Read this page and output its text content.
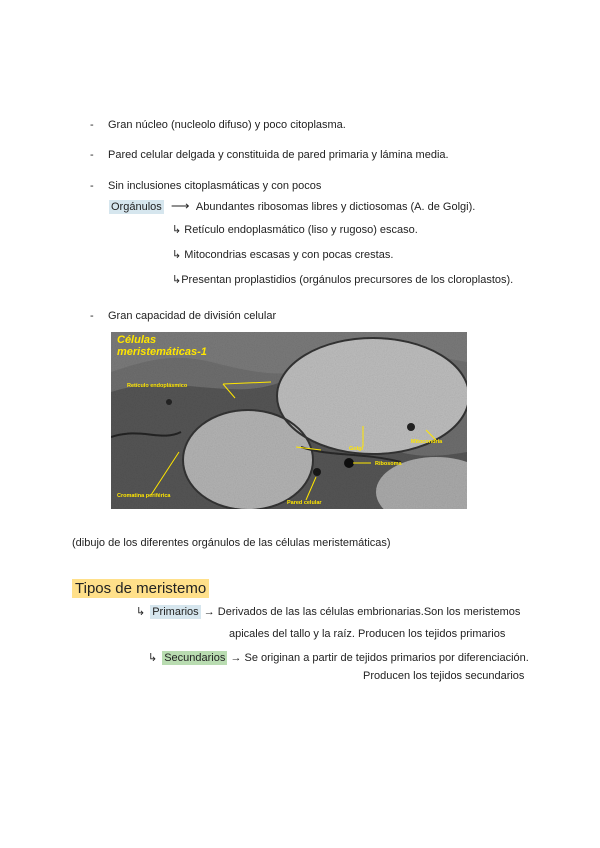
- Gran núcleo (nucleolo difuso) y poco citoplasma.
- Pared celular delgada y constituida de pared primaria y lámina media.
- Sin inclusiones citoplasmáticas y con pocos
Orgánulos ⟶ Abundantes ribosomas libres y dictiosomas (A. de Golgi).
↳ Retículo endoplasmático (liso y rugoso) escaso.
↳ Mitocondrias escasas y con pocas crestas.
↳Presentan proplastidios (orgánulos precursores de los cloroplastos).
- Gran capacidad de división celular
Células
meristemáticas-1
Retículo endoplásmico
Golgi
Mitocondria
Ribosoma
Cromatina periférica
Pared celular
(dibujo de los diferentes orgánulos de las células meristemáticas)
Tipos de meristemo
↳ Primarios → Derivados de las las células embrionarias.Son los meristemos
apicales del tallo y la raíz. Producen los tejidos primarios
↳ Secundarios → Se originan a partir de tejidos primarios por diferenciación.
Producen los tejidos secundarios
